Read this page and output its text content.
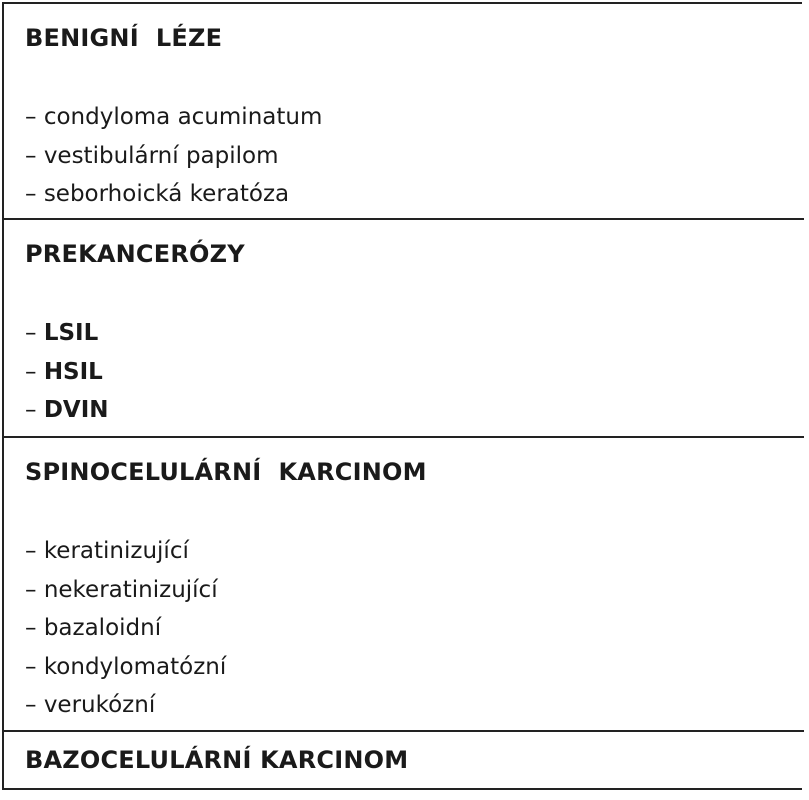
BENIGNÍ  LÉZE
– condyloma acuminatum
– vestibulární papilom
– seborhoická keratóza
PREKANCERÓZY
– LSIL
– HSIL
– DVIN
SPINOCELULÁRNÍ  KARCINOM
– keratinizující
– nekeratinizující
– bazaloidní
– kondylomatózní
– verukózní
BAZOCELULÁRNÍ KARCINOM
